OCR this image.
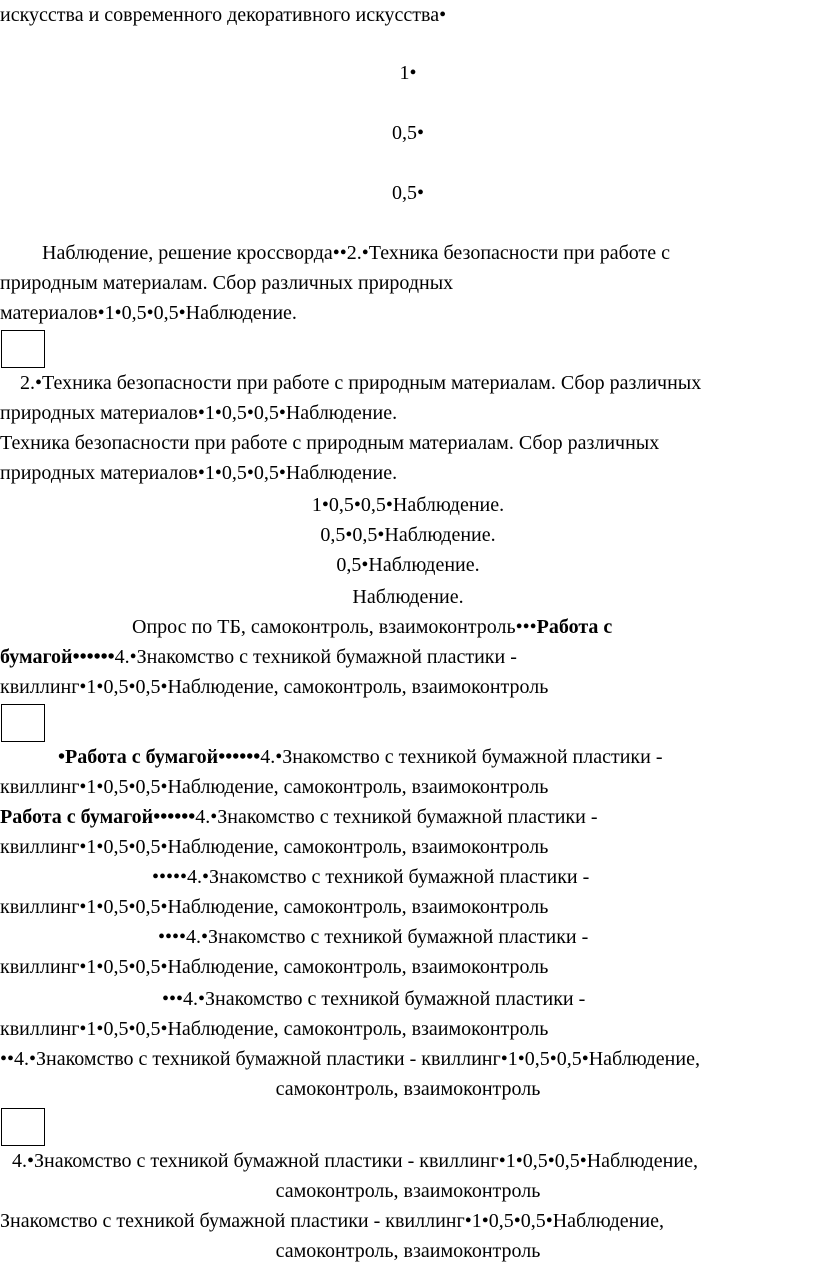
искусства и современного декоративного искусства•
1•
0,5•
0,5•
Наблюдение, решение кроссворда••2.•Техника безопасности при работе с
природным материалам. Сбор различных природных
материалов•1•0,5•0,5•Наблюдение.
2.•Техника безопасности при работе с природным материалам. Сбор различных
природных материалов•1•0,5•0,5•Наблюдение.
Техника безопасности при работе с природным материалам. Сбор различных
природных материалов•1•0,5•0,5•Наблюдение.
1•0,5•0,5•Наблюдение.
0,5•0,5•Наблюдение.
0,5•Наблюдение.
Наблюдение.
Опрос по ТБ, самоконтроль, взаимоконтроль•••Работа с
бумагой••••••4.•Знакомство с техникой бумажной пластики -
квиллинг•1•0,5•0,5•Наблюдение, самоконтроль, взаимоконтроль
•Работа с бумагой••••••4.•Знакомство с техникой бумажной пластики -
квиллинг•1•0,5•0,5•Наблюдение, самоконтроль, взаимоконтроль
Работа с бумагой••••••4.•Знакомство с техникой бумажной пластики -
квиллинг•1•0,5•0,5•Наблюдение, самоконтроль, взаимоконтроль
•••••4.•Знакомство с техникой бумажной пластики -
квиллинг•1•0,5•0,5•Наблюдение, самоконтроль, взаимоконтроль
••••4.•Знакомство с техникой бумажной пластики -
квиллинг•1•0,5•0,5•Наблюдение, самоконтроль, взаимоконтроль
•••4.•Знакомство с техникой бумажной пластики -
квиллинг•1•0,5•0,5•Наблюдение, самоконтроль, взаимоконтроль
••4.•Знакомство с техникой бумажной пластики - квиллинг•1•0,5•0,5•Наблюдение,
самоконтроль, взаимоконтроль
4.•Знакомство с техникой бумажной пластики - квиллинг•1•0,5•0,5•Наблюдение,
самоконтроль, взаимоконтроль
Знакомство с техникой бумажной пластики - квиллинг•1•0,5•0,5•Наблюдение,
самоконтроль, взаимоконтроль
